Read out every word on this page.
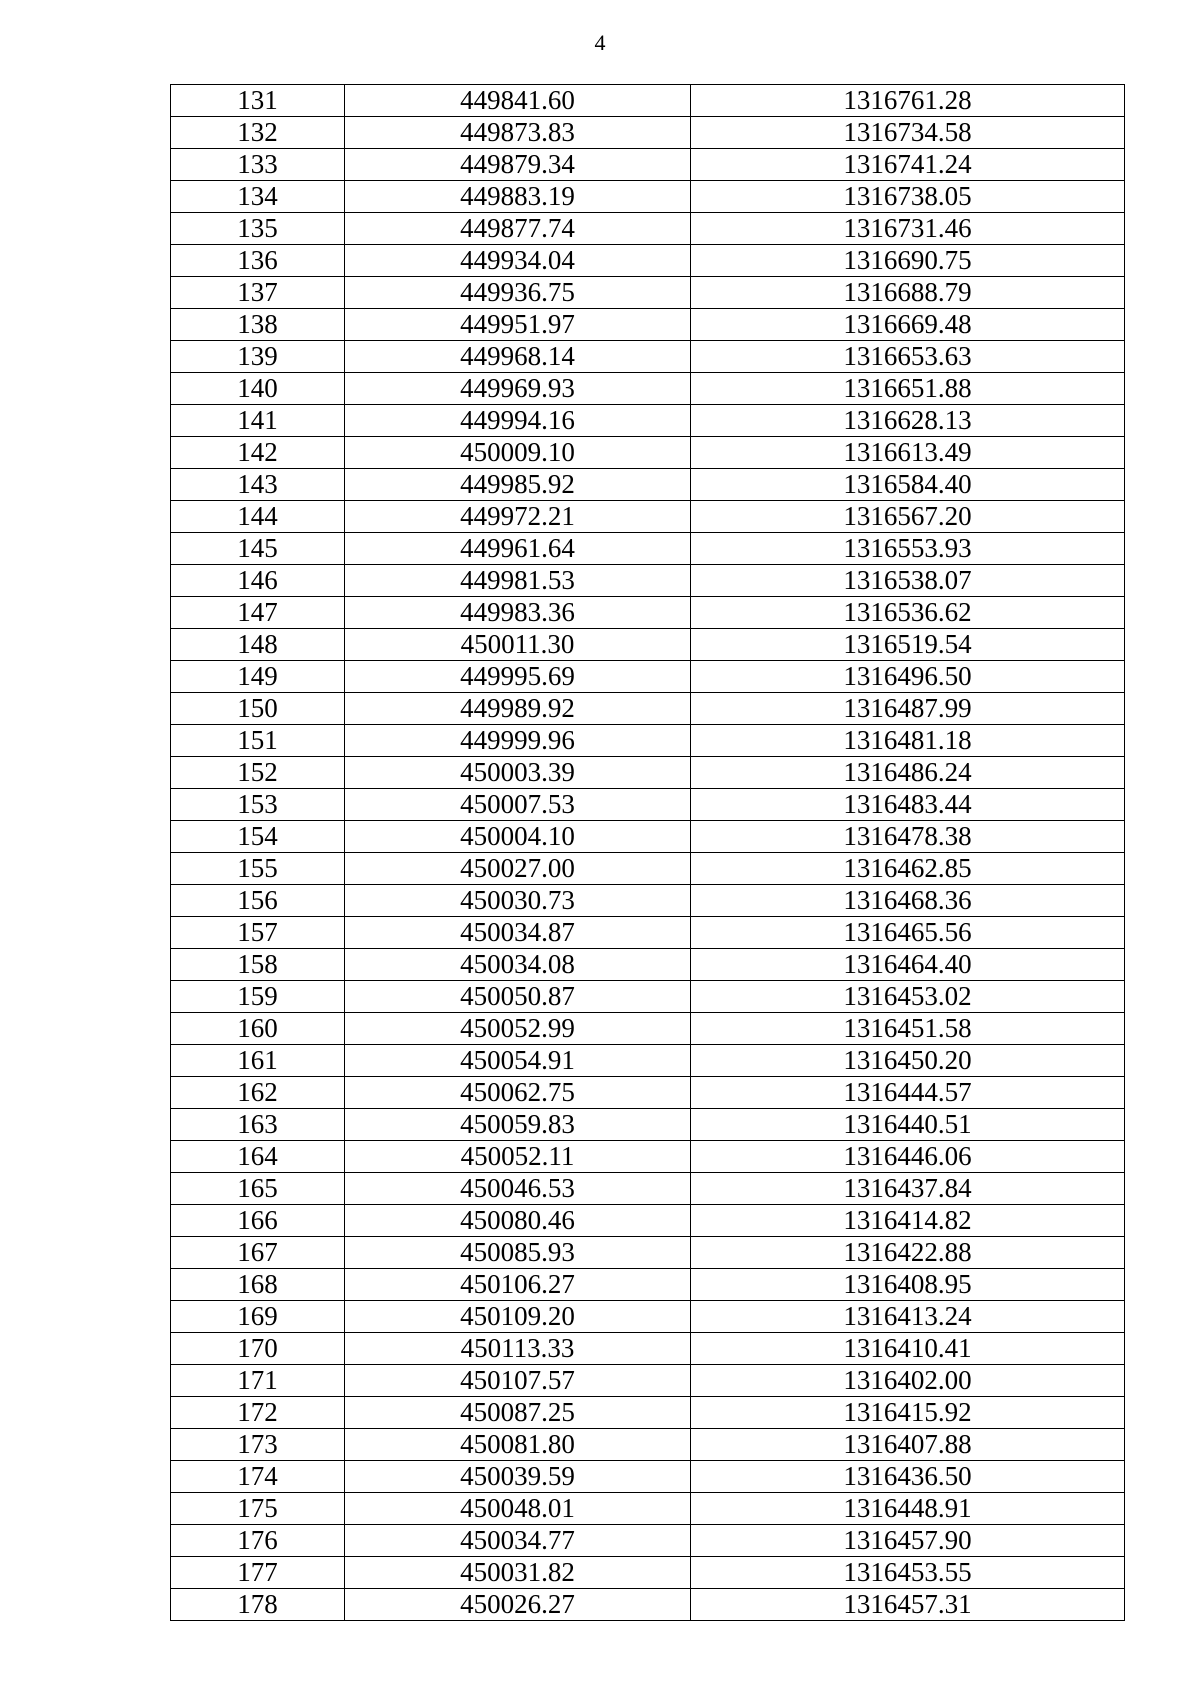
4
131	449841.60	1316761.28
132	449873.83	1316734.58
133	449879.34	1316741.24
134	449883.19	1316738.05
135	449877.74	1316731.46
136	449934.04	1316690.75
137	449936.75	1316688.79
138	449951.97	1316669.48
139	449968.14	1316653.63
140	449969.93	1316651.88
141	449994.16	1316628.13
142	450009.10	1316613.49
143	449985.92	1316584.40
144	449972.21	1316567.20
145	449961.64	1316553.93
146	449981.53	1316538.07
147	449983.36	1316536.62
148	450011.30	1316519.54
149	449995.69	1316496.50
150	449989.92	1316487.99
151	449999.96	1316481.18
152	450003.39	1316486.24
153	450007.53	1316483.44
154	450004.10	1316478.38
155	450027.00	1316462.85
156	450030.73	1316468.36
157	450034.87	1316465.56
158	450034.08	1316464.40
159	450050.87	1316453.02
160	450052.99	1316451.58
161	450054.91	1316450.20
162	450062.75	1316444.57
163	450059.83	1316440.51
164	450052.11	1316446.06
165	450046.53	1316437.84
166	450080.46	1316414.82
167	450085.93	1316422.88
168	450106.27	1316408.95
169	450109.20	1316413.24
170	450113.33	1316410.41
171	450107.57	1316402.00
172	450087.25	1316415.92
173	450081.80	1316407.88
174	450039.59	1316436.50
175	450048.01	1316448.91
176	450034.77	1316457.90
177	450031.82	1316453.55
178	450026.27	1316457.31
